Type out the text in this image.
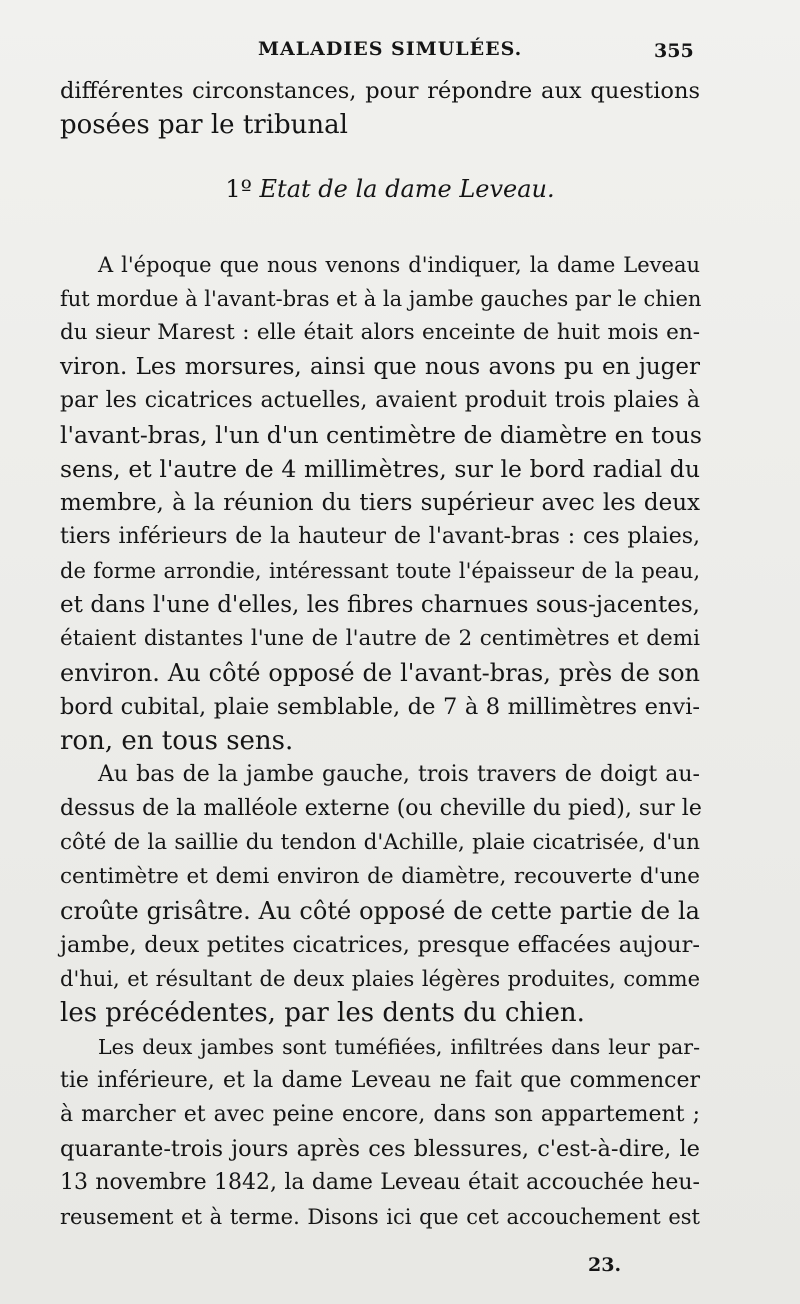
MALADIES SIMULÉES.	355
différentes circonstances, pour répondre aux questions
posées par le tribunal
1º Etat de la dame Leveau.
A l'époque que nous venons d'indiquer, la dame Leveau
fut mordue à l'avant-bras et à la jambe gauches par le chien
du sieur Marest : elle était alors enceinte de huit mois en-
viron. Les morsures, ainsi que nous avons pu en juger
par les cicatrices actuelles, avaient produit trois plaies à
l'avant-bras, l'un d'un centimètre de diamètre en tous
sens, et l'autre de 4 millimètres, sur le bord radial du
membre, à la réunion du tiers supérieur avec les deux
tiers inférieurs de la hauteur de l'avant-bras : ces plaies,
de forme arrondie, intéressant toute l'épaisseur de la peau,
et dans l'une d'elles, les fibres charnues sous-jacentes,
étaient distantes l'une de l'autre de 2 centimètres et demi
environ. Au côté opposé de l'avant-bras, près de son
bord cubital, plaie semblable, de 7 à 8 millimètres envi-
ron, en tous sens.
Au bas de la jambe gauche, trois travers de doigt au-
dessus de la malléole externe (ou cheville du pied), sur le
côté de la saillie du tendon d'Achille, plaie cicatrisée, d'un
centimètre et demi environ de diamètre, recouverte d'une
croûte grisâtre. Au côté opposé de cette partie de la
jambe, deux petites cicatrices, presque effacées aujour-
d'hui, et résultant de deux plaies légères produites, comme
les précédentes, par les dents du chien.
Les deux jambes sont tuméfiées, infiltrées dans leur par-
tie inférieure, et la dame Leveau ne fait que commencer
à marcher et avec peine encore, dans son appartement ;
quarante-trois jours après ces blessures, c'est-à-dire, le
13 novembre 1842, la dame Leveau était accouchée heu-
reusement et à terme. Disons ici que cet accouchement est
23.
